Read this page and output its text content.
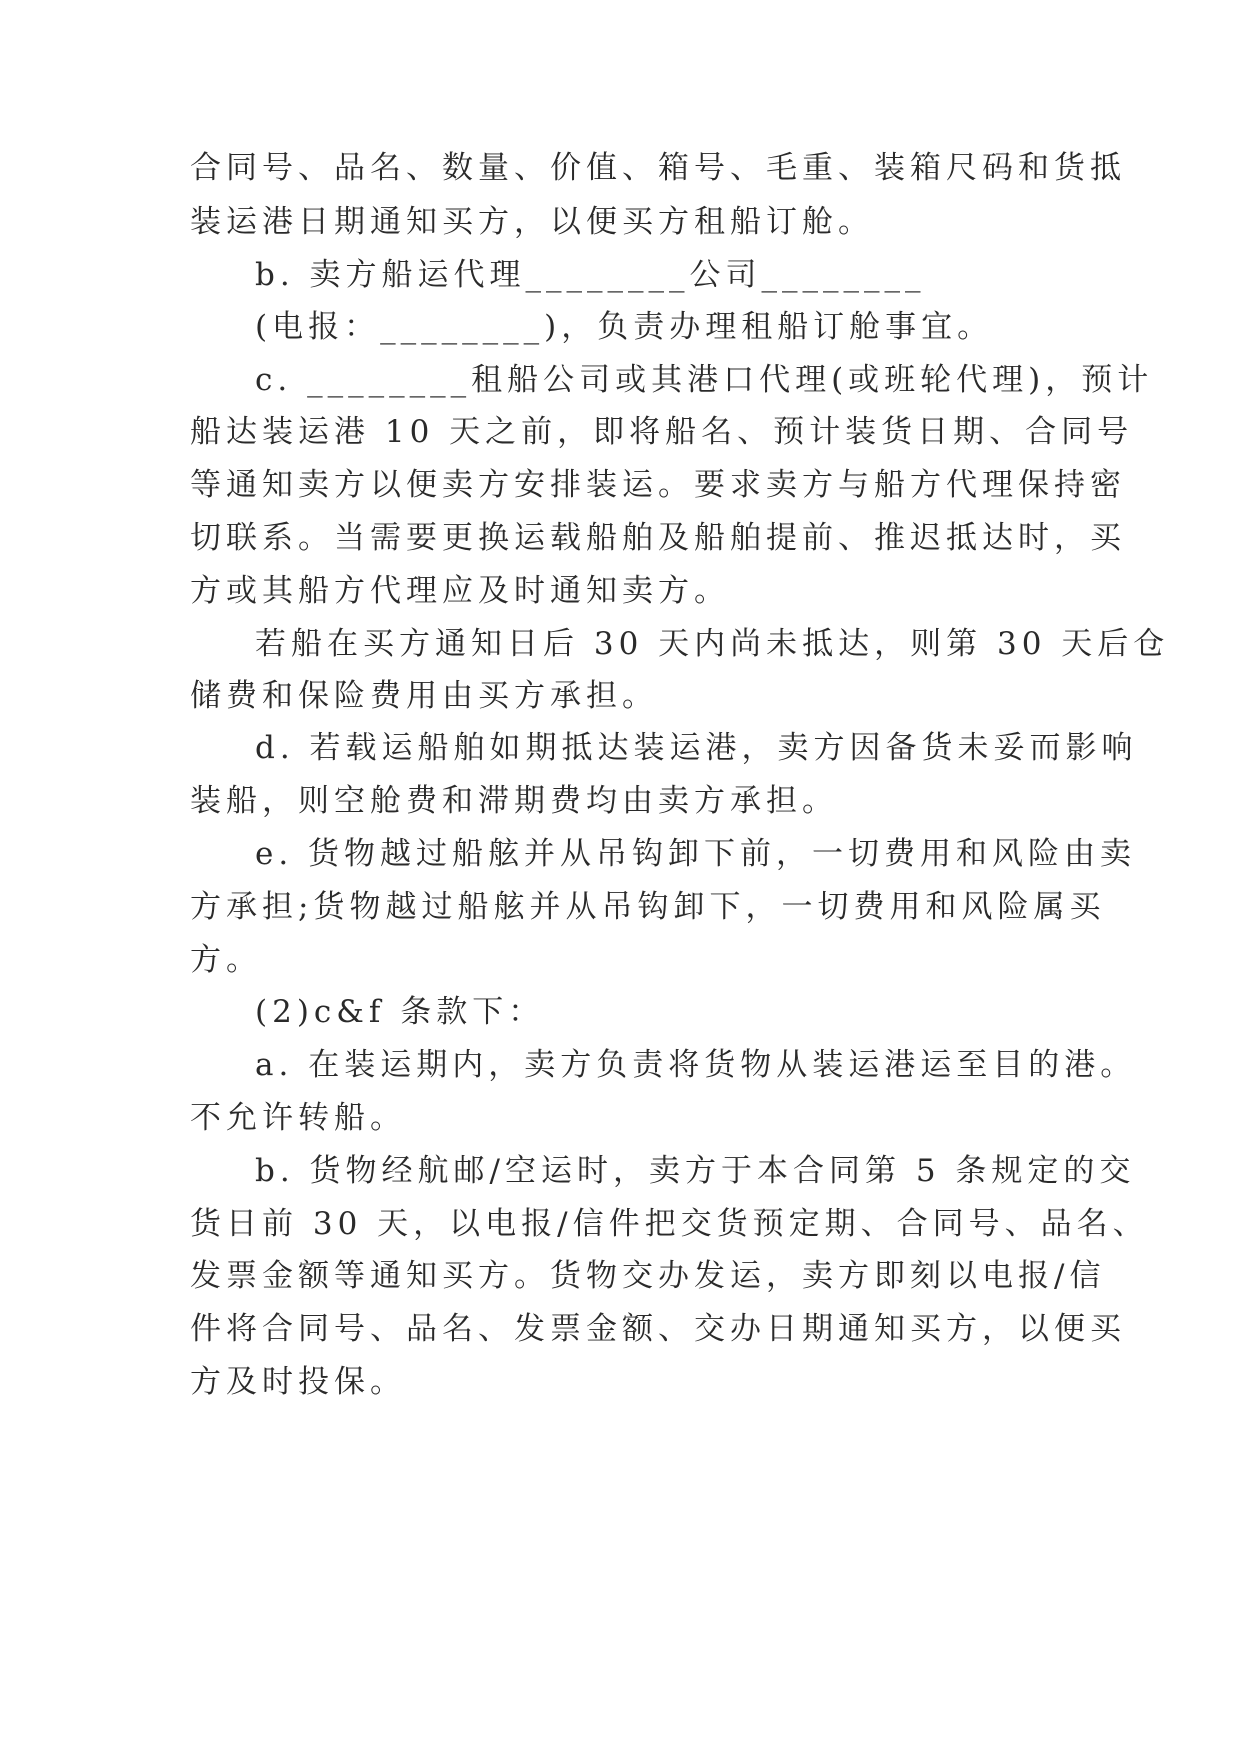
合同号、品名、数量、价值、箱号、毛重、装箱尺码和货抵

装运港日期通知买方，以便买方租船订舱。

b. 卖方船运代理________公司________

(电报：________)，负责办理租船订舱事宜。

c. ________租船公司或其港口代理(或班轮代理)，预计

船达装运港 10 天之前，即将船名、预计装货日期、合同号

等通知卖方以便卖方安排装运。要求卖方与船方代理保持密

切联系。当需要更换运载船舶及船舶提前、推迟抵达时，买

方或其船方代理应及时通知卖方。

若船在买方通知日后 30 天内尚未抵达，则第 30 天后仓

储费和保险费用由买方承担。

d. 若载运船舶如期抵达装运港，卖方因备货未妥而影响

装船，则空舱费和滞期费均由卖方承担。

e. 货物越过船舷并从吊钩卸下前，一切费用和风险由卖

方承担;货物越过船舷并从吊钩卸下，一切费用和风险属买

方。

(2)c&f 条款下：

a. 在装运期内，卖方负责将货物从装运港运至目的港。

不允许转船。

b. 货物经航邮/空运时，卖方于本合同第 5 条规定的交

货日前 30 天，以电报/信件把交货预定期、合同号、品名、

发票金额等通知买方。货物交办发运，卖方即刻以电报/信

件将合同号、品名、发票金额、交办日期通知买方，以便买

方及时投保。
